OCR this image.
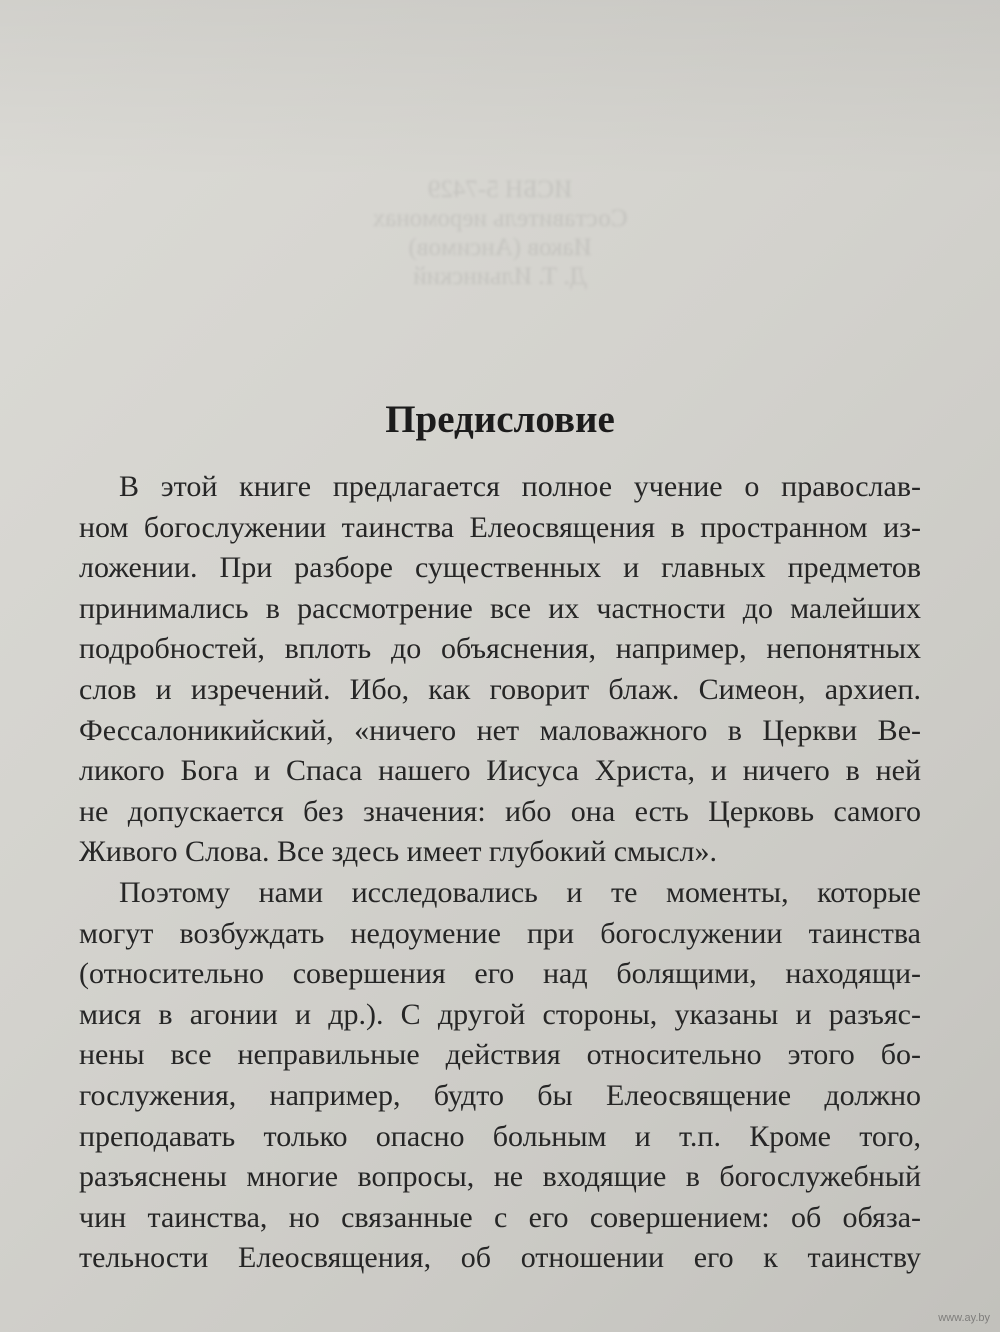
ИСБН 5-7429
Составитель иеромонах
Иаков (Ансимов)
Д. Т. Ильинский
Предисловие
В этой книге предлагается полное учение о православ-
ном богослужении таинства Елеосвящения в пространном из-
ложении. При разборе существенных и главных предметов
принимались в рассмотрение все их частности до малейших
подробностей, вплоть до объяснения, например, непонятных
слов и изречений. Ибо, как говорит блаж. Симеон, архиеп.
Фессалоникийский, «ничего нет маловажного в Церкви Ве-
ликого Бога и Спаса нашего Иисуса Христа, и ничего в ней
не допускается без значения: ибо она есть Церковь самого
Живого Слова. Все здесь имеет глубокий смысл».
Поэтому нами исследовались и те моменты, которые
могут возбуждать недоумение при богослужении таинства
(относительно совершения его над болящими, находящи-
мися в агонии и др.). С другой стороны, указаны и разъяс-
нены все неправильные действия относительно этого бо-
гослужения, например, будто бы Елеосвящение должно
преподавать только опасно больным и т.п. Кроме того,
разъяснены многие вопросы, не входящие в богослужебный
чин таинства, но связанные с его совершением: об обяза-
тельности Елеосвящения, об отношении его к таинству
www.ay.by
